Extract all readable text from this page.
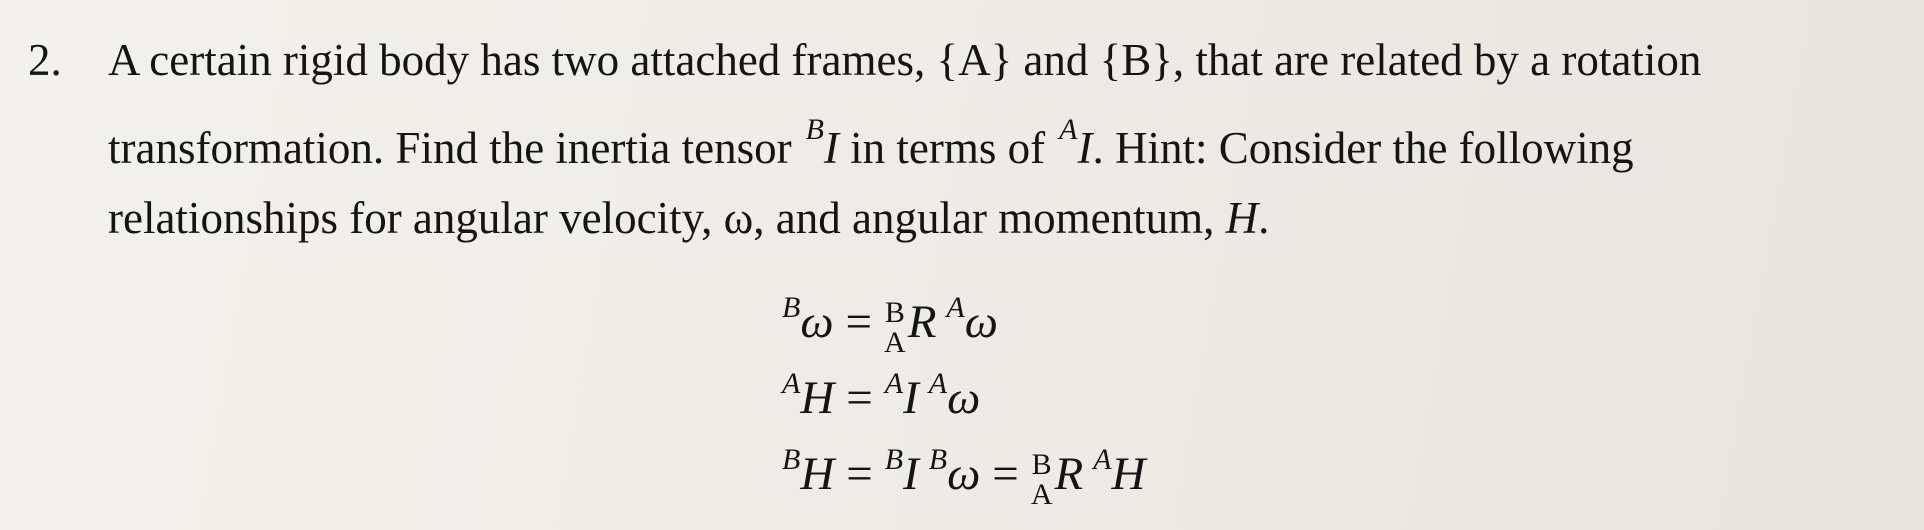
2. A certain rigid body has two attached frames, {A} and {B}, that are related by a rotation
transformation. Find the inertia tensor $^B$I in terms of $^A$I. Hint: Consider the following
relationships for angular velocity, ω, and angular momentum, H.
$^B$ω = B
A R $^A$ω
$^A$H = $^A$I $^A$ω
$^B$H = $^B$I $^B$ω = B
A R $^A$H
